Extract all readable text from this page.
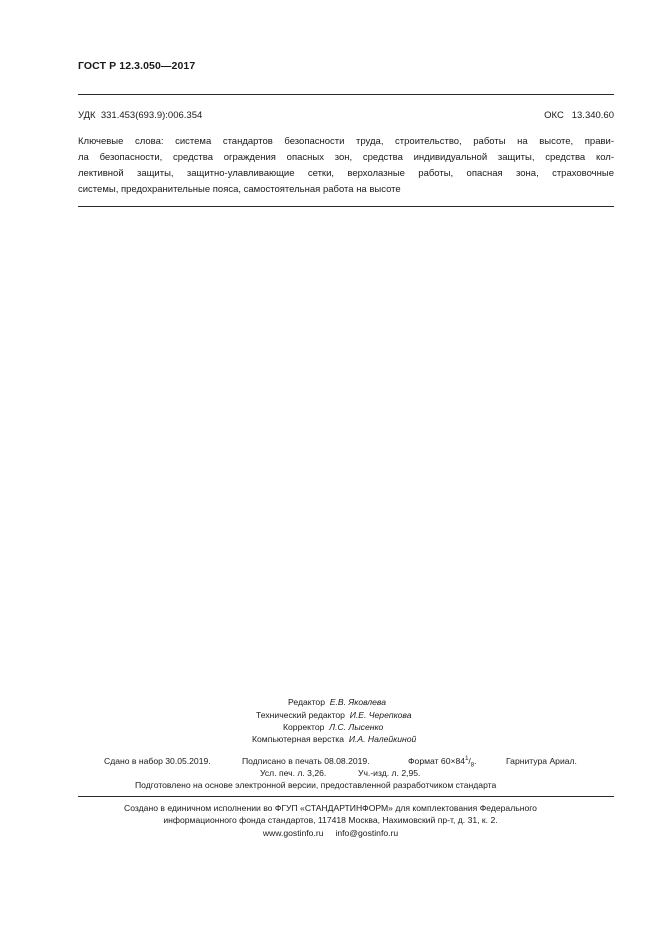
ГОСТ Р 12.3.050—2017
УДК  331.453(693.9):006.354	ОКС   13.340.60
Ключевые слова: система стандартов безопасности труда, строительство, работы на высоте, прави-
ла безопасности, средства ограждения опасных зон, средства индивидуальной защиты, средства кол-
лективной защиты, защитно-улавливающие сетки, верхолазные работы, опасная зона, страховочные
системы, предохранительные пояса, самостоятельная работа на высоте
Редактор Е.В. Яковлева
Технический редактор И.Е. Черепкова
Корректор Л.С. Лысенко
Компьютерная верстка И.А. Налейкиной
Сдано в набор 30.05.2019.	Подписано в печать 08.08.2019.	Формат $60\times 84^1/_8$.	Гарнитура Ариал.
Усл. печ. л. 3,26.	Уч.-изд. л. 2,95.
Подготовлено на основе электронной версии, предоставленной разработчиком стандарта
Создано в единичном исполнении во ФГУП «СТАНДАРТИНФОРМ» для комплектования Федерального
информационного фонда стандартов, 117418 Москва, Нахимовский пр-т, д. 31, к. 2.
www.gostinfo.ru info@gostinfo.ru
